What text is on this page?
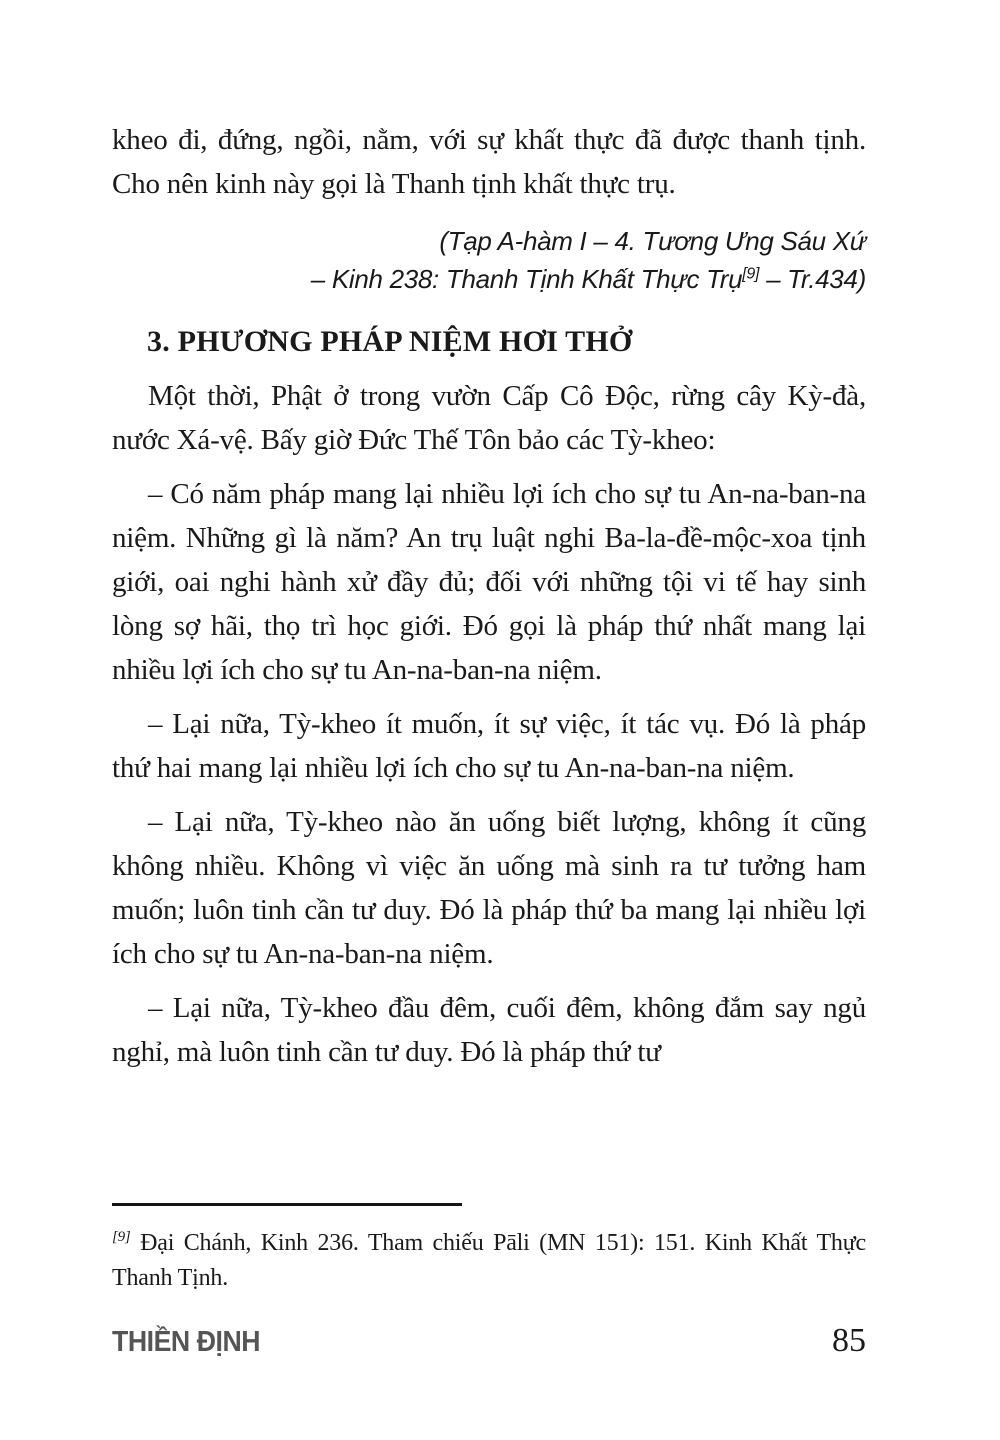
kheo đi, đứng, ngồi, nằm, với sự khất thực đã được thanh tịnh. Cho nên kinh này gọi là Thanh tịnh khất thực trụ.

(Tạp A-hàm I – 4. Tương Ưng Sáu Xứ
– Kinh 238: Thanh Tịnh Khất Thực Trụ[9] – Tr.434)
3. PHƯƠNG PHÁP NIỆM HƠI THỞ

Một thời, Phật ở trong vườn Cấp Cô Độc, rừng cây Kỳ-đà, nước Xá-vệ. Bấy giờ Đức Thế Tôn bảo các Tỳ-kheo:

– Có năm pháp mang lại nhiều lợi ích cho sự tu An-na-ban-na niệm. Những gì là năm? An trụ luật nghi Ba-la-đề-mộc-xoa tịnh giới, oai nghi hành xử đầy đủ; đối với những tội vi tế hay sinh lòng sợ hãi, thọ trì học giới. Đó gọi là pháp thứ nhất mang lại nhiều lợi ích cho sự tu An-na-ban-na niệm.

– Lại nữa, Tỳ-kheo ít muốn, ít sự việc, ít tác vụ. Đó là pháp thứ hai mang lại nhiều lợi ích cho sự tu An-na-ban-na niệm.

– Lại nữa, Tỳ-kheo nào ăn uống biết lượng, không ít cũng không nhiều. Không vì việc ăn uống mà sinh ra tư tưởng ham muốn; luôn tinh cần tư duy. Đó là pháp thứ ba mang lại nhiều lợi ích cho sự tu An-na-ban-na niệm.

– Lại nữa, Tỳ-kheo đầu đêm, cuối đêm, không đắm say ngủ nghỉ, mà luôn tinh cần tư duy. Đó là pháp thứ tư

[9] Đại Chánh, Kinh 236. Tham chiếu Pāli (MN 151): 151. Kinh Khất Thực Thanh Tịnh.
THIỀN ĐỊNH	85
